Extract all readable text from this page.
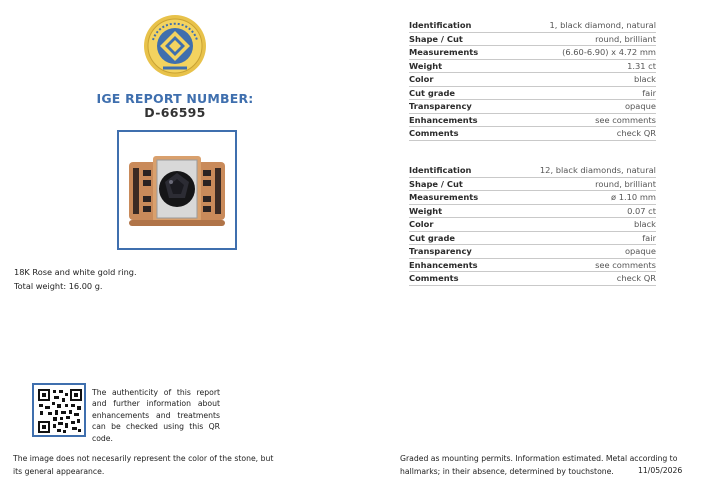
IGE REPORT NUMBER:
D-66595
18K Rose and white gold ring.
Total weight: 16.00 g.
Identification	1, black diamond, natural
Shape / Cut	round, brilliant
Measurements	(6.60-6.90) x 4.72 mm
Weight	1.31 ct
Color	black
Cut grade	fair
Transparency	opaque
Enhancements	see comments
Comments	check QR
Identification	12, black diamonds, natural
Shape / Cut	round, brilliant
Measurements	ø 1.10 mm
Weight	0.07 ct
Color	black
Cut grade	fair
Transparency	opaque
Enhancements	see comments
Comments	check QR
The authenticity of this report and further information about enhancements and treatments can be checked using this QR code.
The image does not necesarily represent the color of the stone, but its general appearance.
Graded as mounting permits. Information estimated. Metal according to hallmarks; in their absence, determined by touchstone.	11/05/2026
